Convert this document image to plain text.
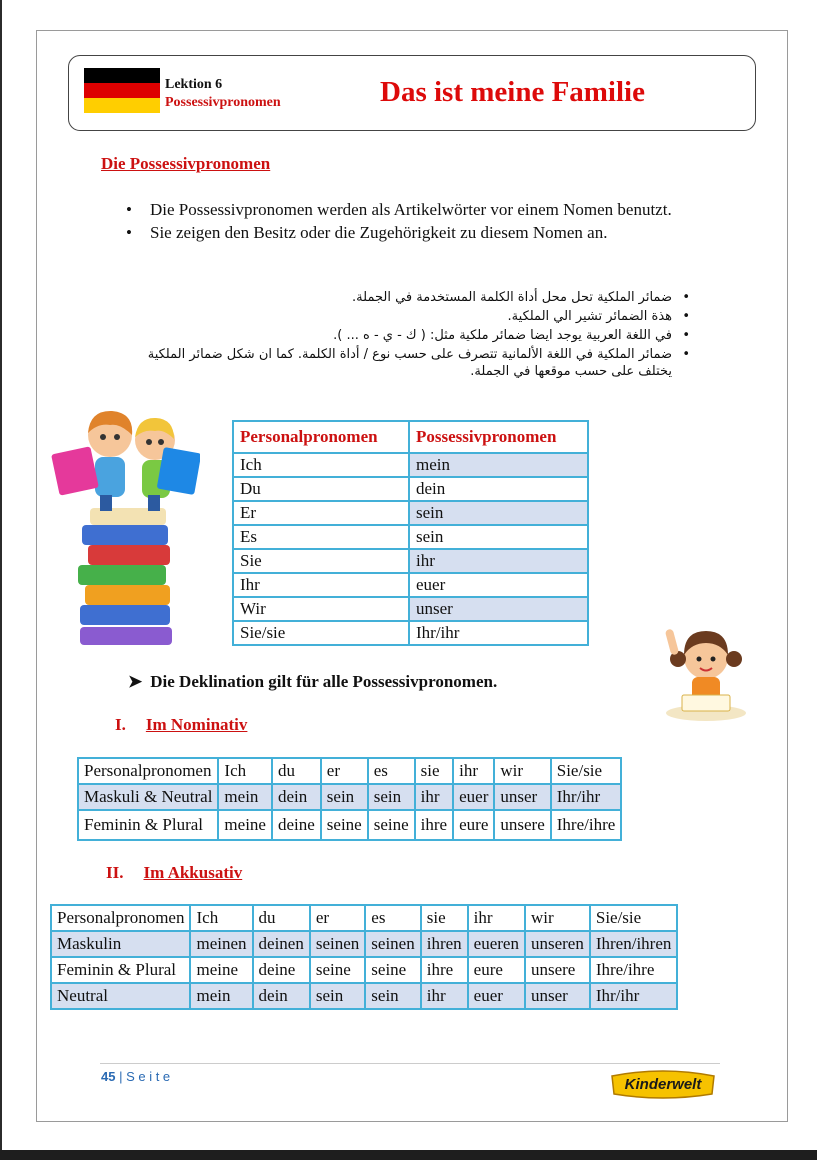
Lektion 6
Possessivpronomen	Das ist meine Familie
Die Possessivpronomen
• Die Possessivpronomen werden als Artikelwörter vor einem Nomen benutzt.
• Sie zeigen den Besitz oder die Zugehörigkeit zu diesem Nomen an.
• ضمائر الملكية تحل محل أداة الكلمة المستخدمة في الجملة.
• هذة الضمائر تشير الي الملكية.
• في اللغة العربية يوجد ايضا ضمائر ملكية مثل: ( ك - ي - ه ... ).
• ضمائر الملكية في اللغة الألمانية تتصرف على حسب نوع / أداة الكلمة. كما ان شكل ضمائر الملكية يختلف على حسب موقعها في الجملة.
Personalpronomen	Possessivpronomen
Ich	mein
Du	dein
Er	sein
Es	sein
Sie	ihr
Ihr	euer
Wir	unser
Sie/sie	Ihr/ihr
➤ Die Deklination gilt für alle Possessivpronomen.
I. Im Nominativ
Personalpronomen	Ich	du	er	es	sie	ihr	wir	Sie/sie
Maskuli & Neutral	mein	dein	sein	sein	ihr	euer	unser	Ihr/ihr
Feminin & Plural	meine	deine	seine	seine	ihre	eure	unsere	Ihre/ihre
II. Im Akkusativ
Personalpronomen	Ich	du	er	es	sie	ihr	wir	Sie/sie
Maskulin	meinen	deinen	seinen	seinen	ihren	eueren	unseren	Ihren/ihren
Feminin & Plural	meine	deine	seine	seine	ihre	eure	unsere	Ihre/ihre
Neutral	mein	dein	sein	sein	ihr	euer	unser	Ihr/ihr
45 | S e i t e	Kinderwelt
